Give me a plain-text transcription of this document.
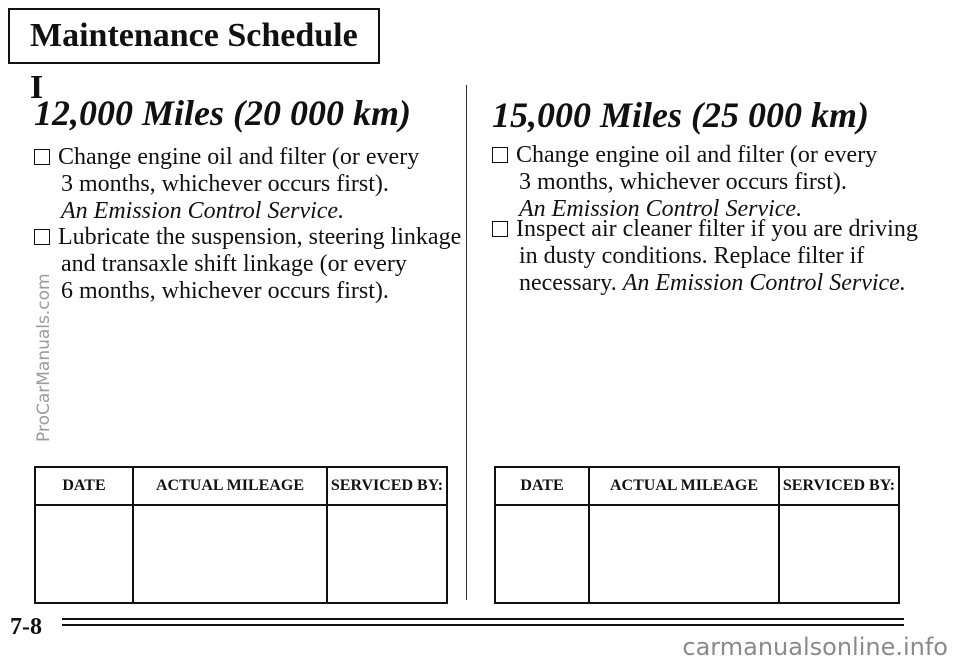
Maintenance Schedule I
12,000 Miles (20 000 km)
Change engine oil and filter (or every
3 months, whichever occurs first).
An Emission Control Service.
Lubricate the suspension, steering linkage
and transaxle shift linkage (or every
6 months, whichever occurs first).
15,000 Miles (25 000 km)
Change engine oil and filter (or every
3 months, whichever occurs first).
An Emission Control Service.
Inspect air cleaner filter if you are driving
in dusty conditions. Replace filter if
necessary. An Emission Control Service.
DATE	ACTUAL MILEAGE	SERVICED BY:
			DATE	ACTUAL MILEAGE	SERVICED BY:

7-8
ProCarManuals.com
carmanualsonline.info
